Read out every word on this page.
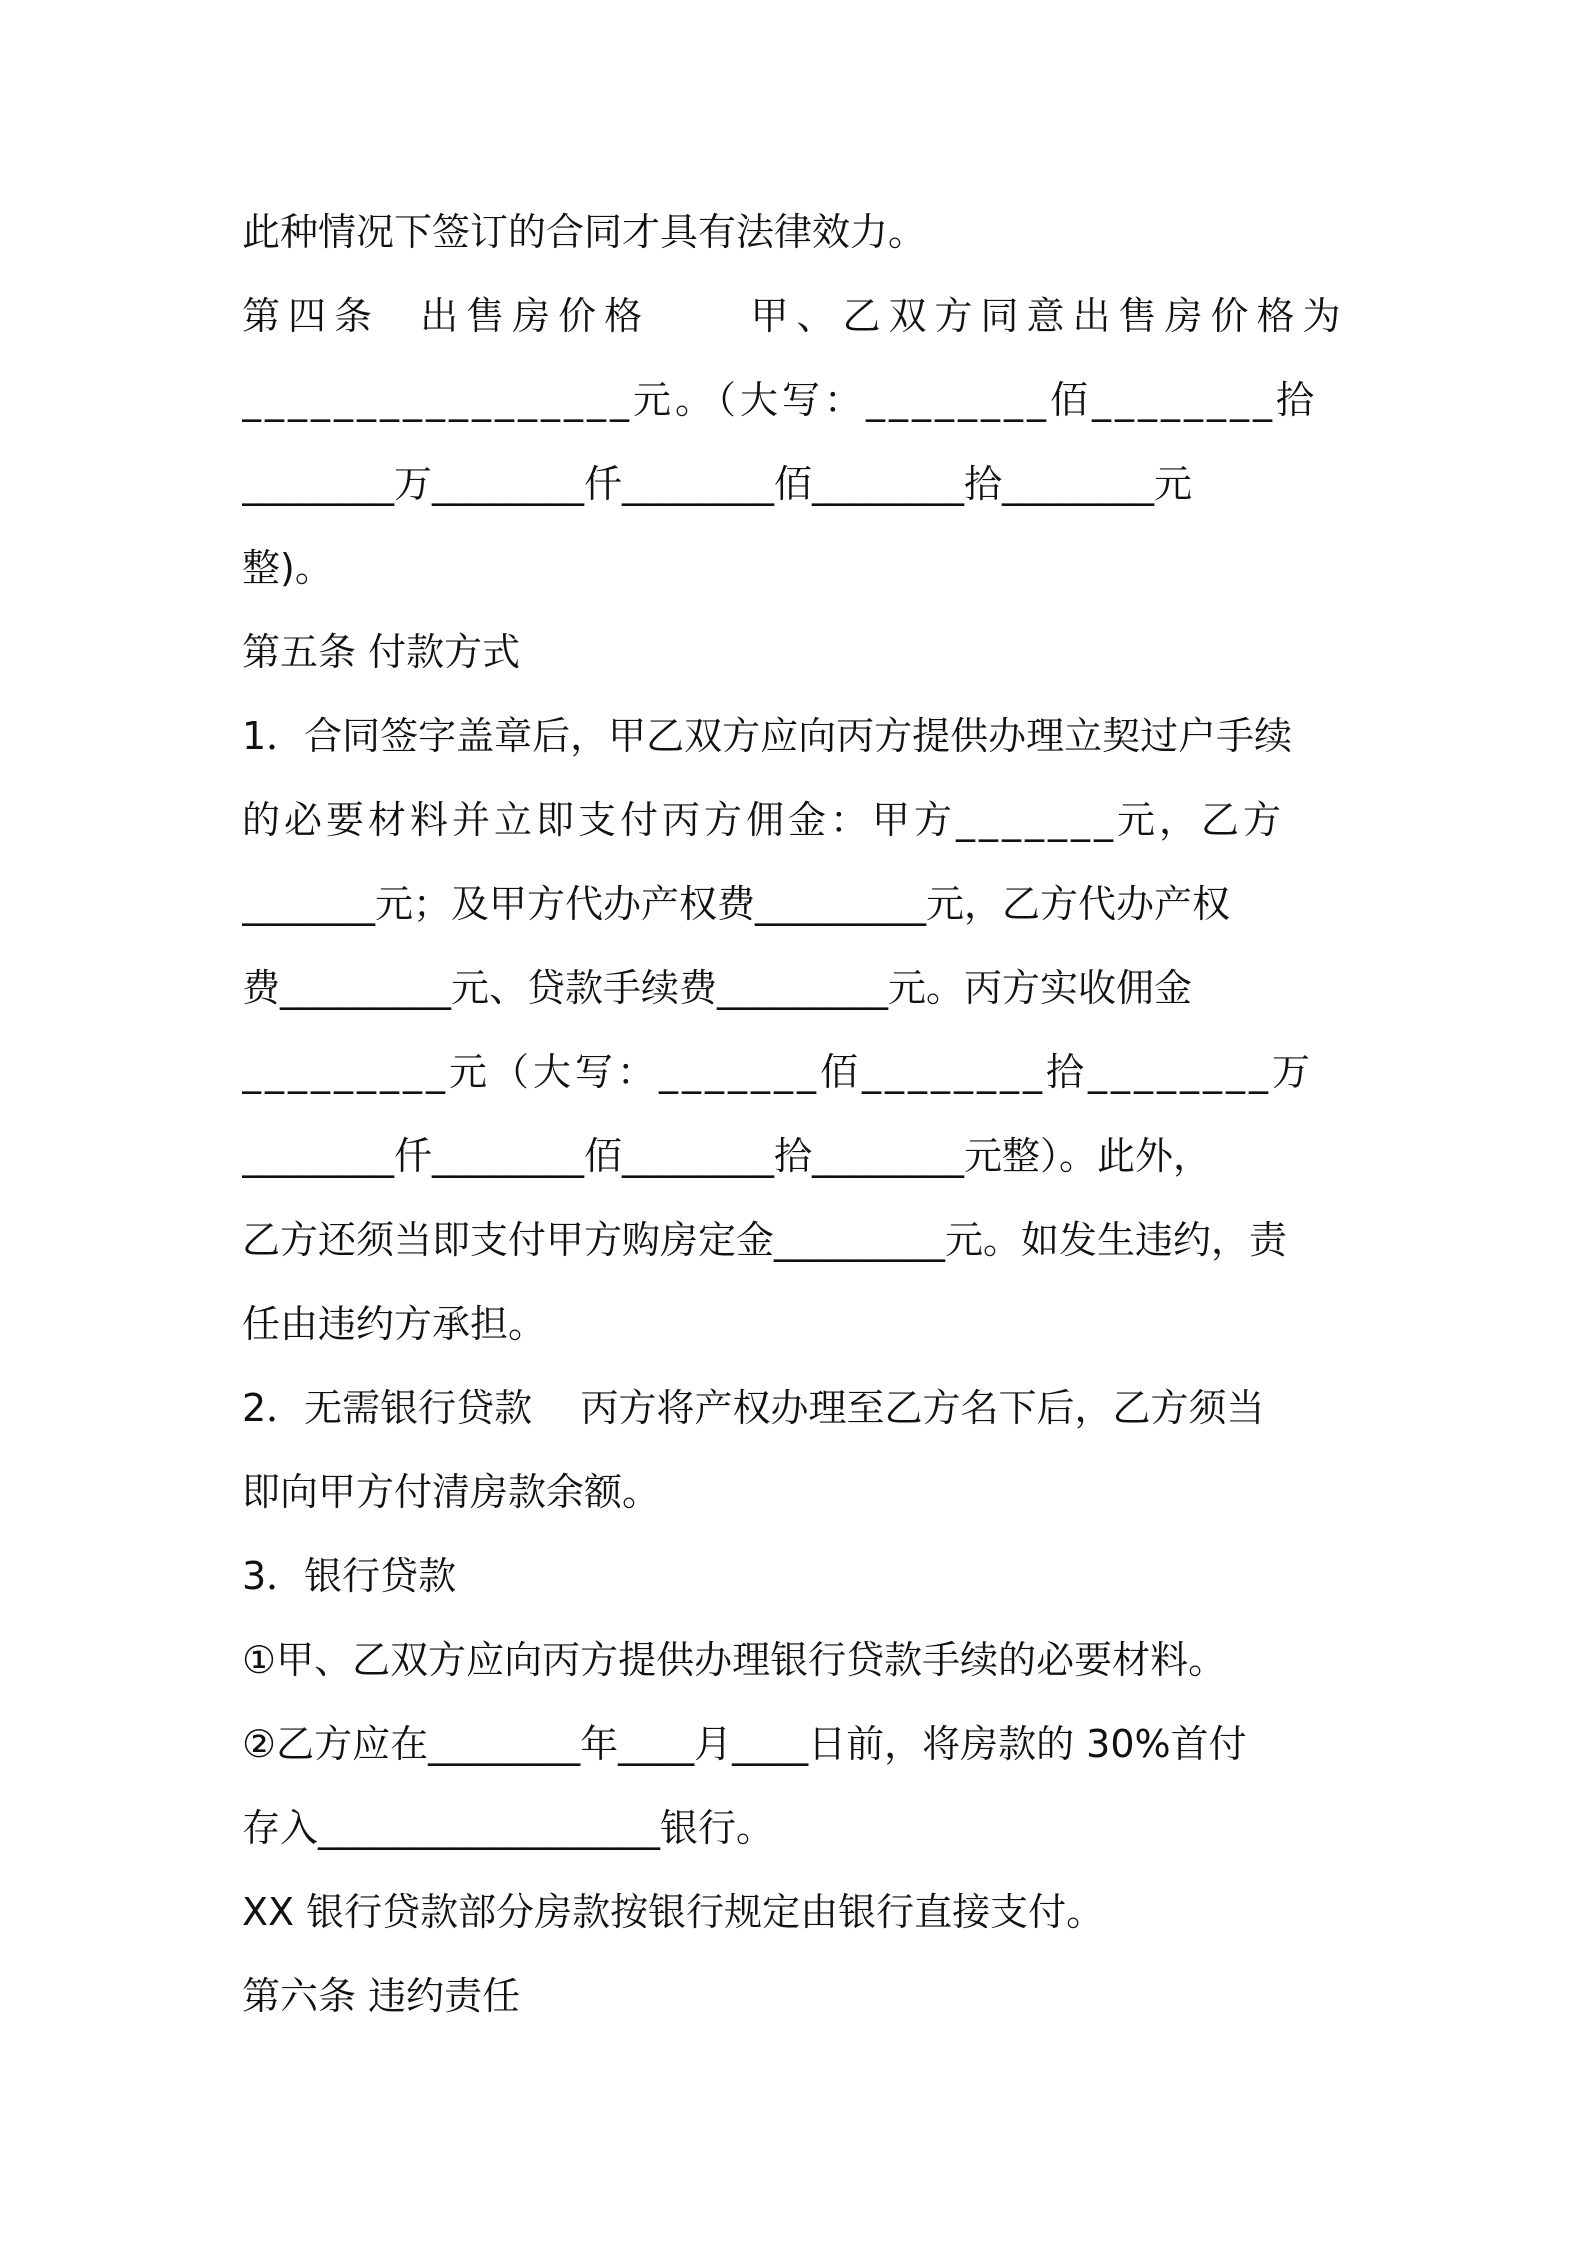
此种情况下签订的合同才具有法律效力。
第四条  出售房价格     甲、乙双方同意出售房价格为
_________________元。（大写：________佰________拾
________万________仟________佰________拾________元
整)。
第五条 付款方式
1．合同签字盖章后，甲乙双方应向丙方提供办理立契过户手续
的必要材料并立即支付丙方佣金：甲方_______元，乙方
_______元；及甲方代办产权费_________元，乙方代办产权
费_________元、贷款手续费_________元。丙方实收佣金
_________元（大写：_______佰________拾________万
________仟________佰________拾________元整）。此外，
乙方还须当即支付甲方购房定金_________元。如发生违约，责
任由违约方承担。
2．无需银行贷款    丙方将产权办理至乙方名下后，乙方须当
即向甲方付清房款余额。
3．银行贷款
①甲、乙双方应向丙方提供办理银行贷款手续的必要材料。
②乙方应在________年____月____日前，将房款的 30%首付
存入__________________银行。
XX 银行贷款部分房款按银行规定由银行直接支付。
第六条 违约责任
